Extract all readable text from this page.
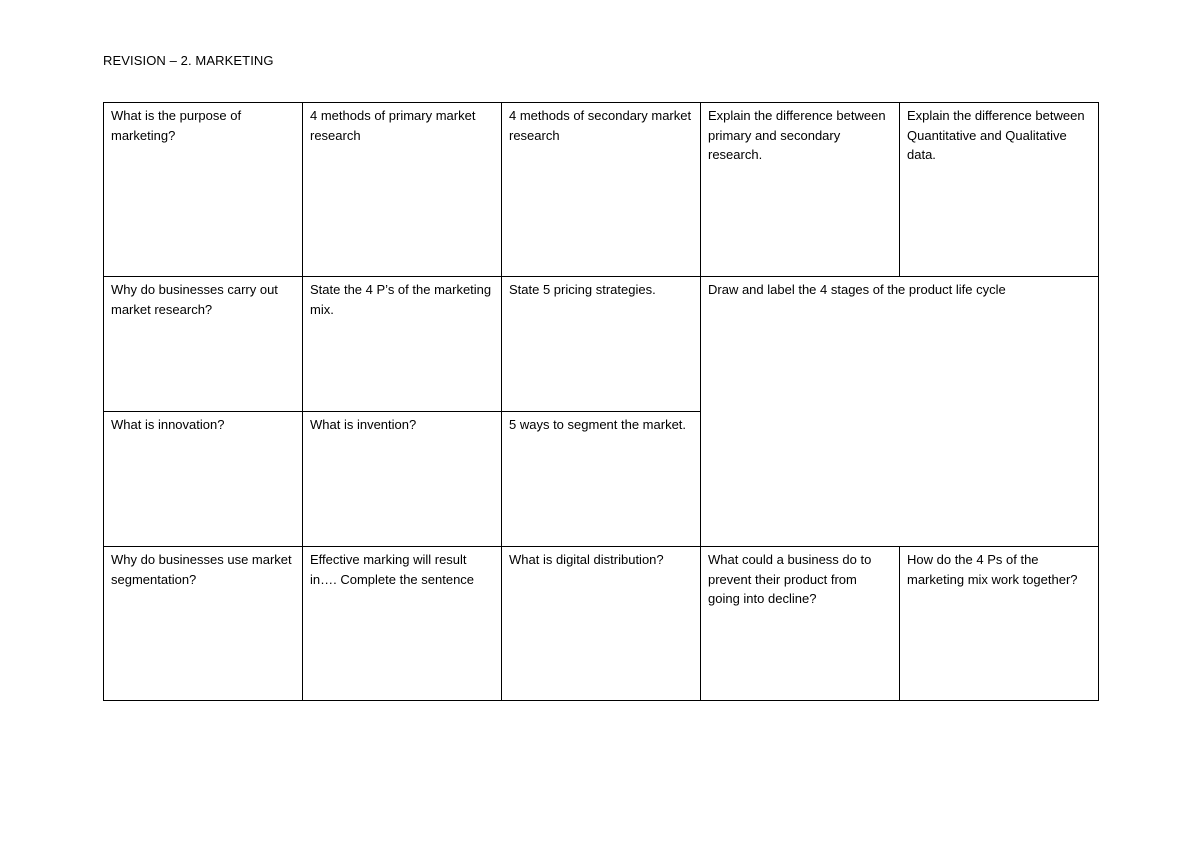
REVISION – 2. MARKETING
What is the purpose of marketing?	4 methods of primary market research	4 methods of secondary market research	Explain the difference between primary and secondary research.	Explain the difference between Quantitative and Qualitative data.
Why do businesses carry out market research?	State the 4 P’s of the marketing mix.	State 5 pricing strategies.	Draw and label the 4 stages of the product life cycle	
What is innovation?	What is invention?	5 ways to segment the market.		
Why do businesses use market segmentation?	Effective marking will result in…. Complete the sentence	What is digital distribution?	What could a business do to prevent their product from going into decline?	How do the 4 Ps of the marketing mix work together?
